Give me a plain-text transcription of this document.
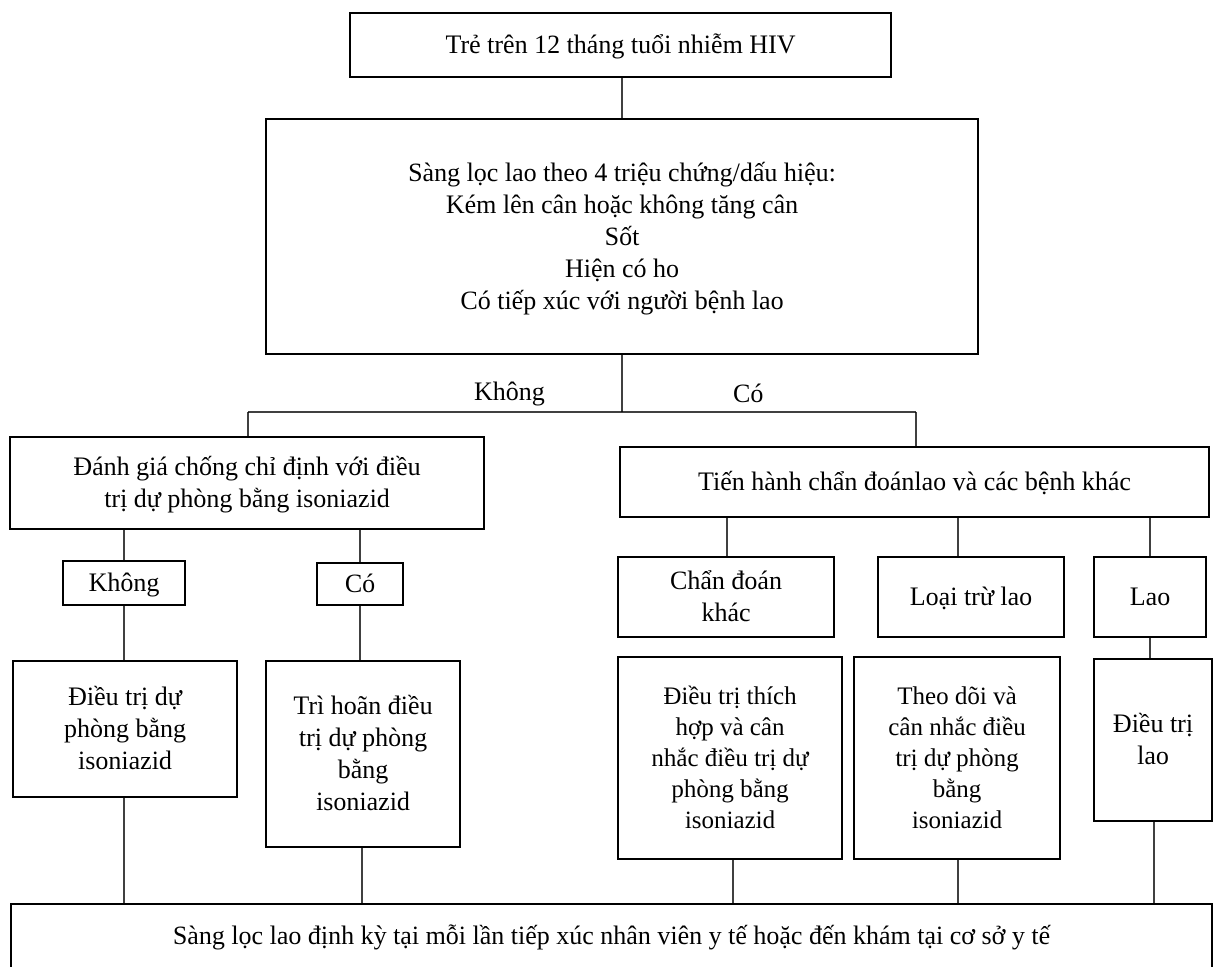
Trẻ trên 12 tháng tuổi nhiễm HIV
Sàng lọc lao theo 4 triệu chứng/dấu hiệu:
Kém lên cân hoặc không tăng cân
Sốt
Hiện có ho
Có tiếp xúc với người bệnh lao
Không	Có
Đánh giá chống chỉ định với điều
trị dự phòng bằng isoniazid
Tiến hành chẩn đoánlao và các bệnh khác
Không	Có	Chẩn đoán
khác
Loại trừ lao	Lao
Điều trị dự
phòng bằng
isoniazid
Trì hoãn điều
trị dự phòng
bằng
isoniazid
Điều trị thích
hợp và cân
nhắc điều trị dự
phòng bằng
isoniazid
Theo dõi và
cân nhắc điều
trị dự phòng
bằng
isoniazid
Điều trị
lao
Sàng lọc lao định kỳ tại mỗi lần tiếp xúc nhân viên y tế hoặc đến khám tại cơ sở y tế
